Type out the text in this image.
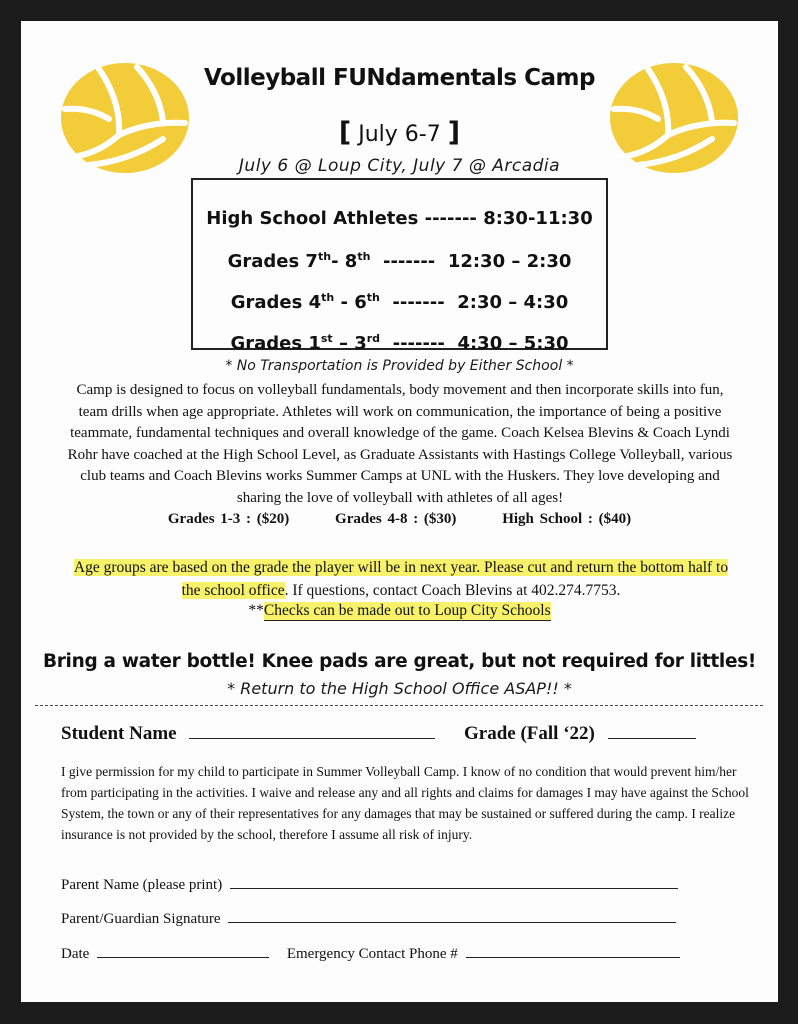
Volleyball FUNdamentals Camp
[ July 6-7 ]
July 6 @ Loup City, July 7 @ Arcadia
High School Athletes ------- 8:30-11:30
Grades 7th- 8th ------- 12:30 – 2:30
Grades 4th - 6th ------- 2:30 – 4:30
Grades 1st – 3rd ------- 4:30 – 5:30
* No Transportation is Provided by Either School *
Camp is designed to focus on volleyball fundamentals, body movement and then incorporate skills into fun, team drills when age appropriate. Athletes will work on communication, the importance of being a positive teammate, fundamental techniques and overall knowledge of the game. Coach Kelsea Blevins & Coach Lyndi Rohr have coached at the High School Level, as Graduate Assistants with Hastings College Volleyball, various club teams and Coach Blevins works Summer Camps at UNL with the Huskers. They love developing and sharing the love of volleyball with athletes of all ages!
Grades 1-3 : ($20)	Grades 4-8 : ($30)	High School : ($40)
Age groups are based on the grade the player will be in next year. Please cut and return the bottom half to the school office. If questions, contact Coach Blevins at 402.274.7753.
**Checks can be made out to Loup City Schools
Bring a water bottle! Knee pads are great, but not required for littles!
* Return to the High School Office ASAP!! *
Student Name	Grade (Fall ‘22)
I give permission for my child to participate in Summer Volleyball Camp. I know of no condition that would prevent him/her from participating in the activities. I waive and release any and all rights and claims for damages I may have against the School System, the town or any of their representatives for any damages that may be sustained or suffered during the camp. I realize insurance is not provided by the school, therefore I assume all risk of injury.
Parent Name (please print)
Parent/Guardian Signature
Date	Emergency Contact Phone #
